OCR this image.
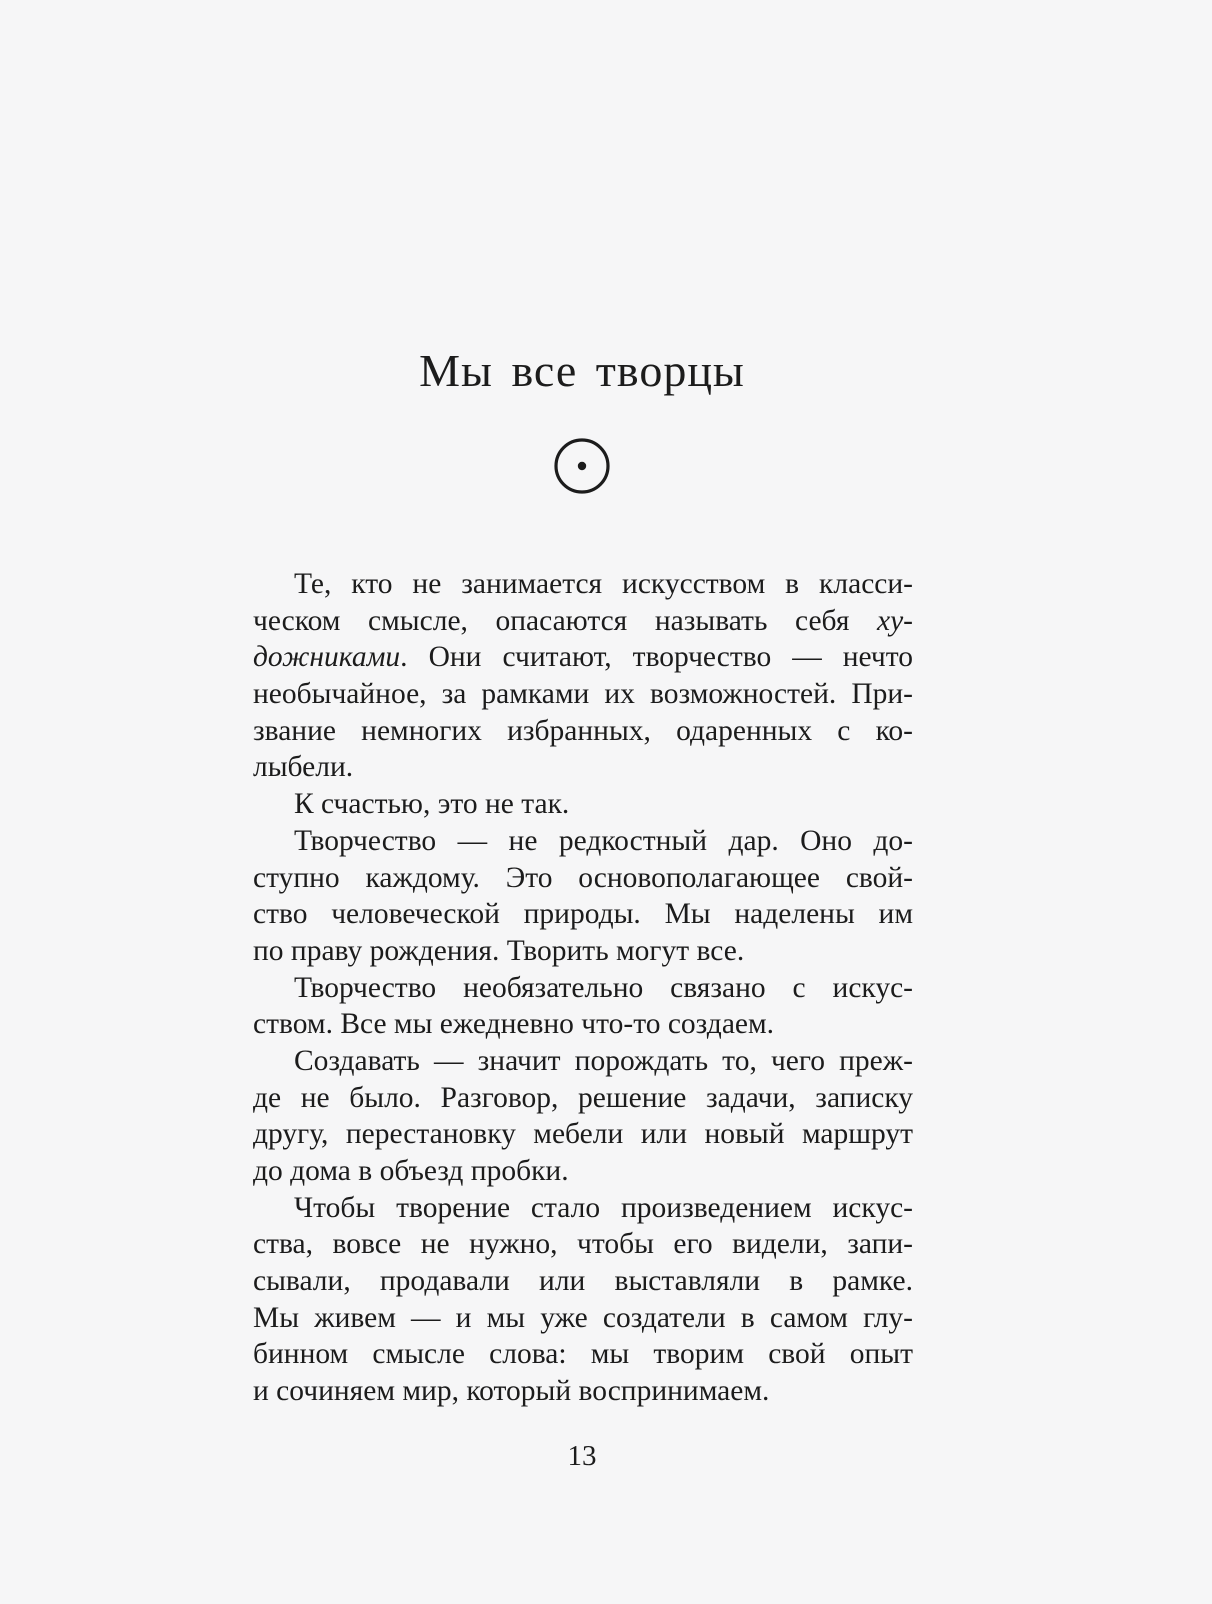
Мы все творцы
Те, кто не занимается искусством в класси-
ческом смысле, опасаются называть себя ху-
дожниками. Они считают, творчество — нечто
необычайное, за рамками их возможностей. При-
звание немногих избранных, одаренных с ко-
лыбели.
К счастью, это не так.
Творчество — не редкостный дар. Оно до-
ступно каждому. Это основополагающее свой-
ство человеческой природы. Мы наделены им
по праву рождения. Творить могут все.
Творчество необязательно связано с искус-
ством. Все мы ежедневно что-то создаем.
Создавать — значит порождать то, чего преж-
де не было. Разговор, решение задачи, записку
другу, перестановку мебели или новый маршрут
до дома в объезд пробки.
Чтобы творение стало произведением искус-
ства, вовсе не нужно, чтобы его видели, запи-
сывали, продавали или выставляли в рамке.
Мы живем — и мы уже создатели в самом глу-
бинном смысле слова: мы творим свой опыт
и сочиняем мир, который воспринимаем.
13
